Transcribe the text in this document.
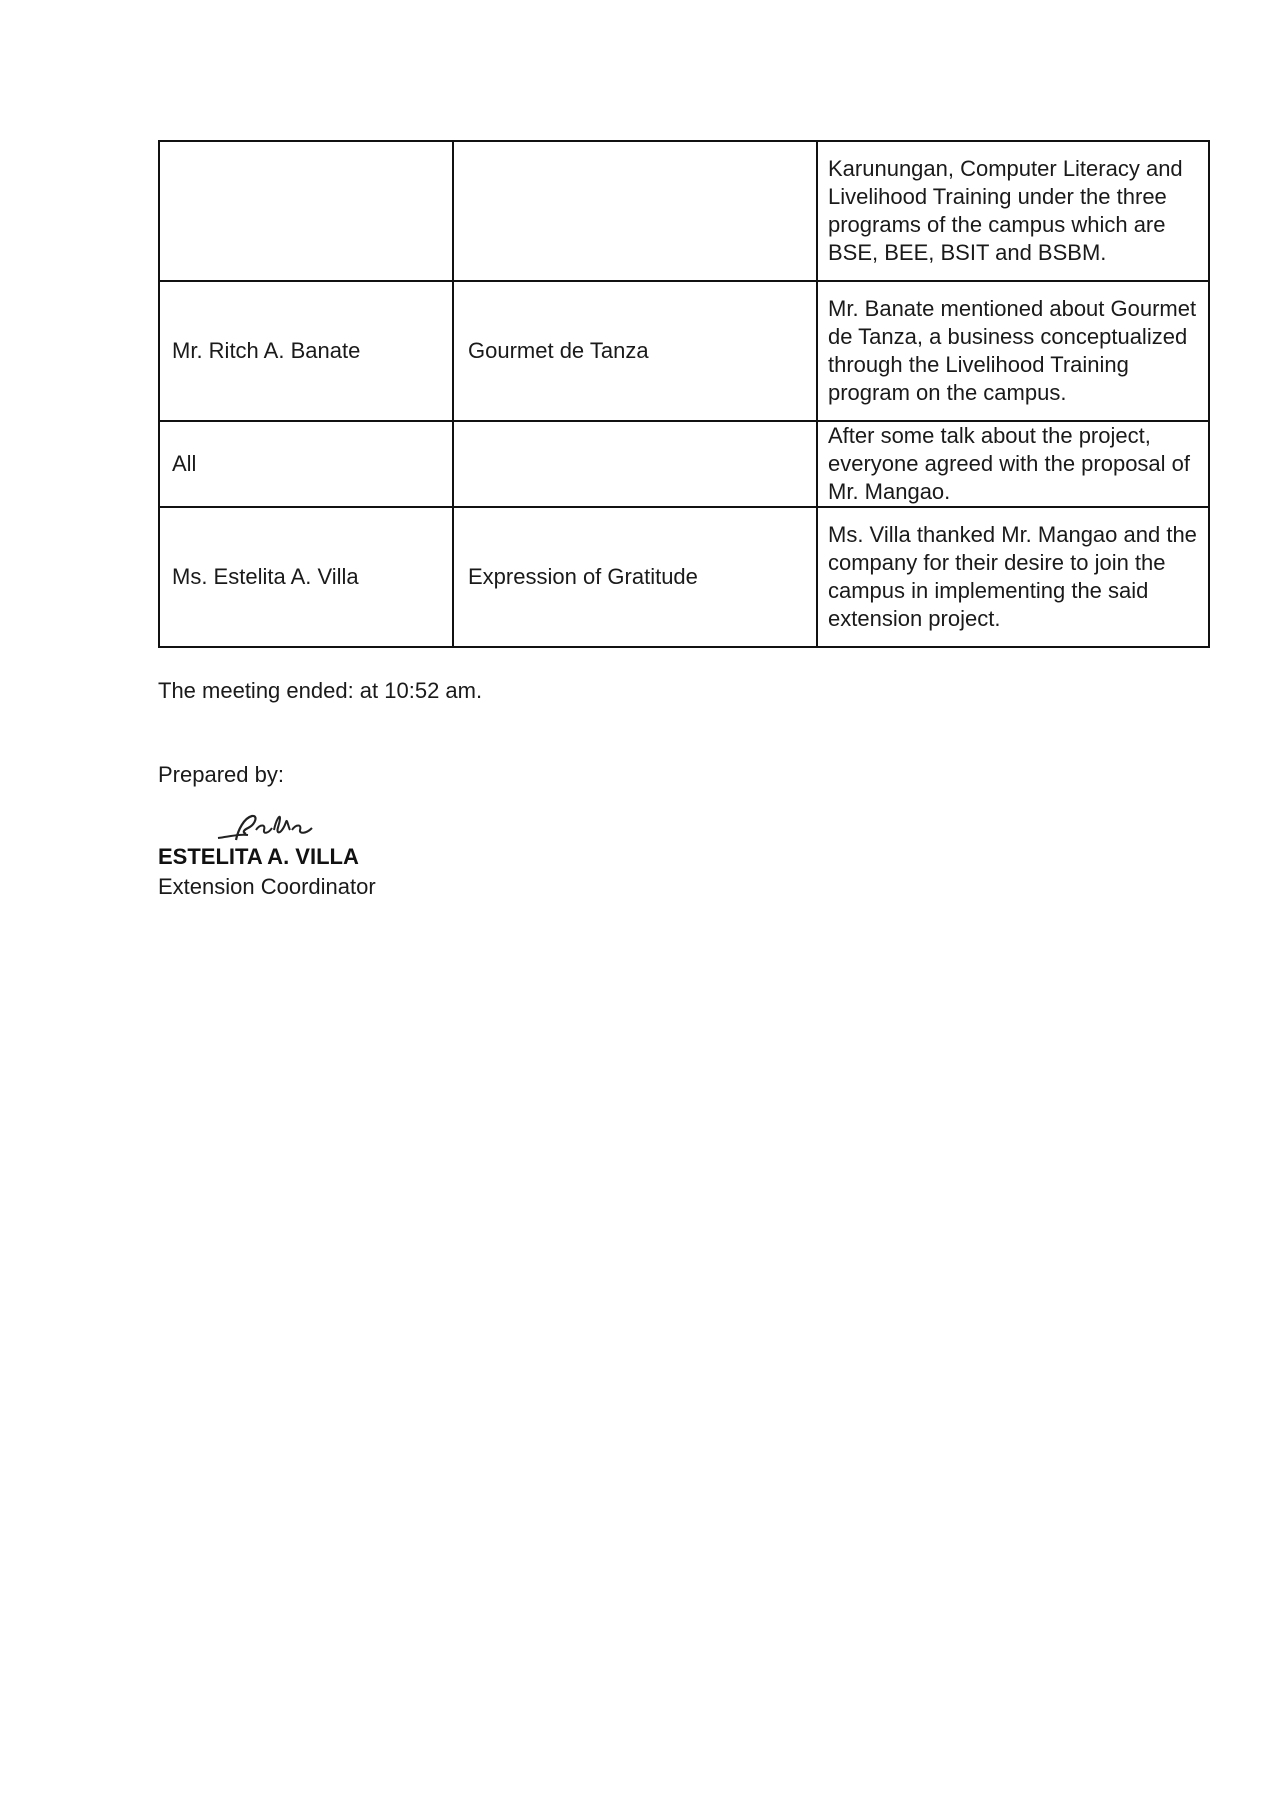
		Karunungan, Computer Literacy and Livelihood Training under the three programs of the campus which are BSE, BEE, BSIT and BSBM.

Mr. Ritch A. Banate	Gourmet de Tanza	Mr. Banate mentioned about Gourmet de Tanza, a business conceptualized through the Livelihood Training program on the campus.

All		After some talk about the project, everyone agreed with the proposal of Mr. Mangao.

Ms. Estelita A. Villa	Expression of Gratitude	Ms. Villa thanked Mr. Mangao and the company for their desire to join the campus in implementing the said extension project.
The meeting ended: at 10:52 am.
Prepared by:
ESTELITA A. VILLA
Extension Coordinator
